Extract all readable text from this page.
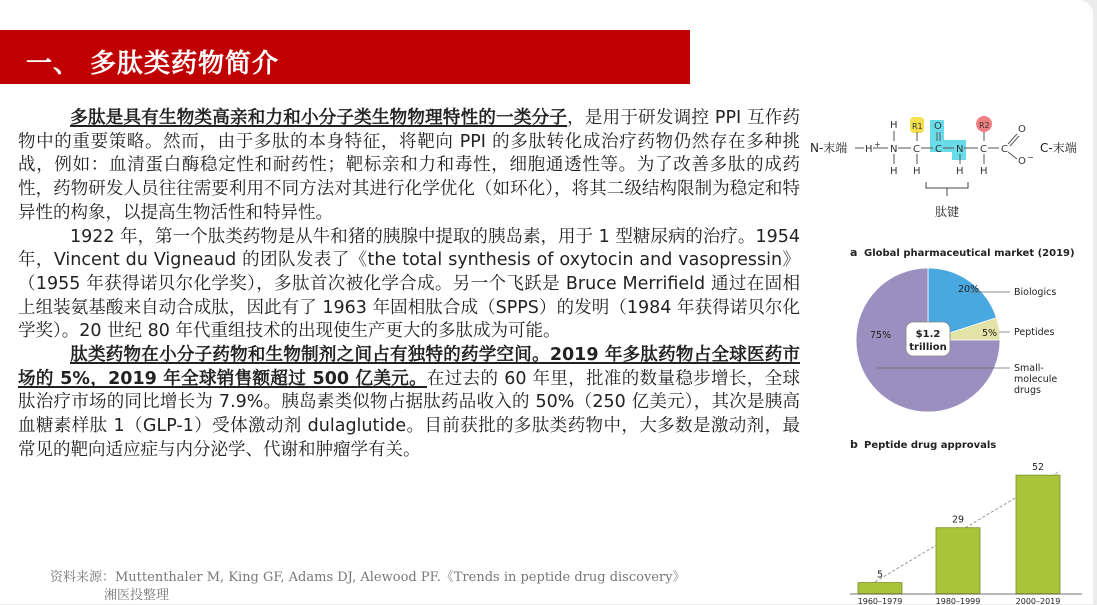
一、 多肽类药物简介

多肽是具有生物类高亲和力和小分子类生物物理特性的一类分子，是用于研发调控 PPI 互作药物中的重要策略。然而，由于多肽的本身特征，将靶向 PPI 的多肽转化成治疗药物仍然存在多种挑战，例如：血清蛋白酶稳定性和耐药性；靶标亲和力和毒性，细胞通透性等。为了改善多肽的成药性，药物研发人员往往需要利用不同方法对其进行化学优化（如环化），将其二级结构限制为稳定和特异性的构象，以提高生物活性和特异性。

1922 年，第一个肽类药物是从牛和猪的胰腺中提取的胰岛素，用于 1 型糖尿病的治疗。1954 年，Vincent du Vigneaud 的团队发表了《the total synthesis of oxytocin and vasopressin》（1955 年获得诺贝尔化学奖），多肽首次被化学合成。另一个飞跃是 Bruce Merrifield 通过在固相上组装氨基酸来自动合成肽，因此有了 1963 年固相肽合成（SPPS）的发明（1984 年获得诺贝尔化学奖）。20 世纪 80 年代重组技术的出现使生产更大的多肽成为可能。

肽类药物在小分子药物和生物制剂之间占有独特的药学空间。2019 年多肽药物占全球医药市场的 5%，2019 年全球销售额超过 500 亿美元。在过去的 60 年里，批准的数量稳步增长，全球肽治疗市场的同比增长为 7.9%。胰岛素类似物占据肽药品收入的 50%（250 亿美元），其次是胰高血糖素样肽 1（GLP-1）受体激动剂 dulaglutide。目前获批的多肽类药物中，大多数是激动剂，最常见的靶向适应症与内分泌学、代谢和肿瘤学有关。

资料来源：Muttenthaler M, King GF, Adams DJ, Alewood PF.《Trends in peptide drug discovery》
湘医投整理
N-末端	C-末端
H + N
H
H
C
R1
H
C
O
N
H
C
R2
H
C
O
O −
肽键
a Global pharmaceutical market (2019)
20%	Biologics
5% Peptides
75%
Small-molecule drugs
$1.2
trillion
b Peptide drug approvals
5
1960–1979
29
1980–1999
52
2000–2019
